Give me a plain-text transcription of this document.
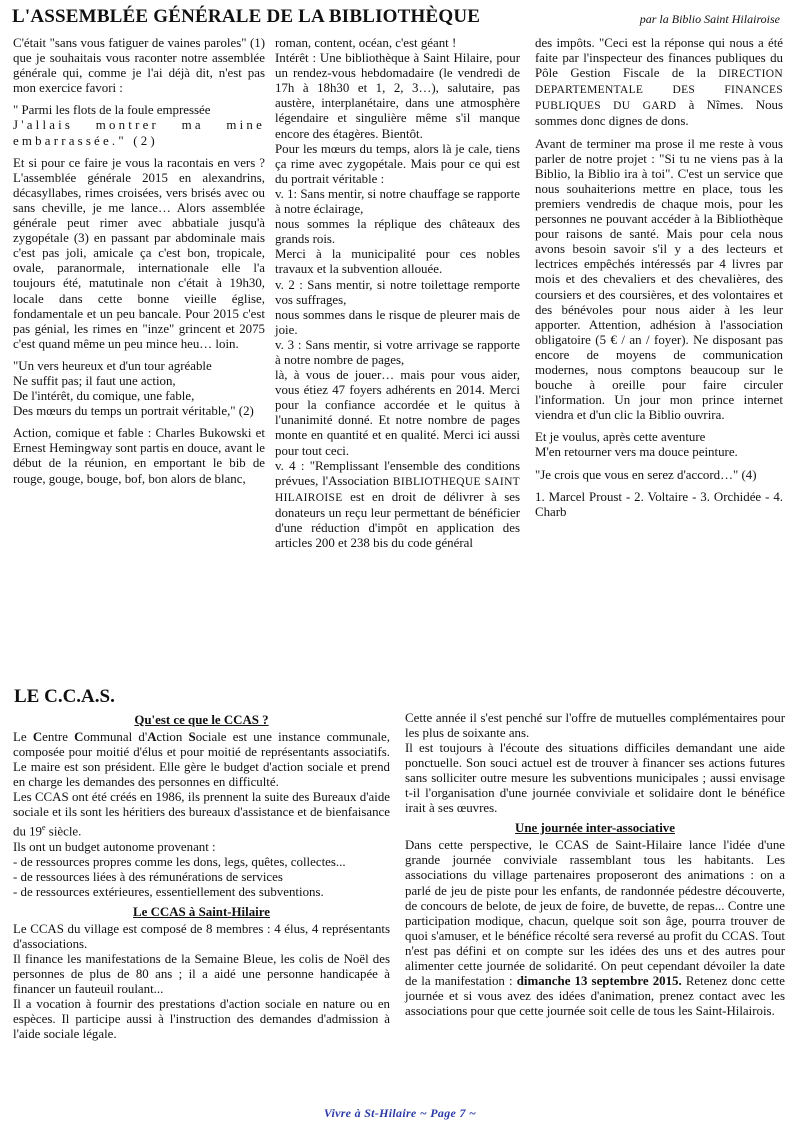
L'ASSEMBLÉE GÉNÉRALE DE LA BIBLIOTHÈQUE	par la Biblio Saint Hilairoise

C'était "sans vous fatiguer de vaines paroles" (1) que je souhaitais vous raconter notre assemblée générale qui, comme je l'ai déjà dit, n'est pas mon exercice favori :

" Parmi les flots de la foule empressée
J'allais montrer ma mine embarrassée." (2)

Et si pour ce faire je vous la racontais en vers ? L'assemblée générale 2015 en alexandrins, décasyllabes, rimes croisées, vers brisés avec ou sans cheville, je me lance… Alors assemblée générale peut rimer avec abbatiale jusqu'à zygopétale (3) en passant par abdominale mais c'est pas joli, amicale ça c'est bon, tropicale, ovale, paranormale, internationale elle l'a toujours été, matutinale non c'était à 19h30, locale dans cette bonne vieille église, fondamentale et un peu bancale. Pour 2015 c'est pas génial, les rimes en "inze" grincent et 2075 c'est quand même un peu mince heu… loin.

"Un vers heureux et d'un tour agréable
Ne suffit pas; il faut une action,
De l'intérêt, du comique, une fable,
Des mœurs du temps un portrait véritable," (2)

Action, comique et fable : Charles Bukowski et Ernest Hemingway sont partis en douce, avant le début de la réunion, en emportant le bib de rouge, gouge, bouge, bof, bon alors de blanc,

roman, content, océan, c'est géant !

Intérêt : Une bibliothèque à Saint Hilaire, pour un rendez-vous hebdomadaire (le vendredi de 17h à 18h30 et 1, 2, 3…), salutaire, pas austère, interplanétaire, dans une atmosphère légendaire et singulière même s'il manque encore des étagères. Bientôt.

Pour les mœurs du temps, alors là je cale, tiens ça rime avec zygopétale. Mais pour ce qui est du portrait véritable :

v. 1: Sans mentir, si notre chauffage se rapporte à notre éclairage,
nous sommes la réplique des châteaux des grands rois.
Merci à la municipalité pour ces nobles travaux et la subvention allouée.
v. 2 : Sans mentir, si notre toilettage remporte vos suffrages,
nous sommes dans le risque de pleurer mais de joie.
v. 3 : Sans mentir, si votre arrivage se rapporte à notre nombre de pages,
là, à vous de jouer… mais pour vous aider, vous étiez 47 foyers adhérents en 2014. Merci pour la confiance accordée et le quitus à l'unanimité donné. Et notre nombre de pages monte en quantité et en qualité. Merci ici aussi pour tout ceci.

v. 4 : "Remplissant l'ensemble des conditions prévues, l'Association BIBLIOTHEQUE SAINT HILAIROISE est en droit de délivrer à ses donateurs un reçu leur permettant de bénéficier d'une réduction d'impôt en application des articles 200 et 238 bis du code général

des impôts. "Ceci est la réponse qui nous a été faite par l'inspecteur des finances publiques du Pôle Gestion Fiscale de la DIRECTION DEPARTEMENTALE DES FINANCES PUBLIQUES DU GARD à Nîmes. Nous sommes donc dignes de dons.

Avant de terminer ma prose il me reste à vous parler de notre projet : "Si tu ne viens pas à la Biblio, la Biblio ira à toi". C'est un service que nous souhaiterions mettre en place, tous les premiers vendredis de chaque mois, pour les personnes ne pouvant accéder à la Bibliothèque pour raisons de santé. Mais pour cela nous avons besoin savoir s'il y a des lecteurs et lectrices empêchés intéressés par 4 livres par mois et des chevaliers et des chevalières, des coursiers et des coursières, et des volontaires et des bénévoles pour nous aider à les leur apporter. Attention, adhésion à l'association obligatoire (5 € / an / foyer). Ne disposant pas encore de moyens de communication modernes, nous comptons beaucoup sur le bouche à oreille pour faire circuler l'information. Un jour mon prince internet viendra et d'un clic la Biblio ouvrira.

Et je voulus, après cette aventure
M'en retourner vers ma douce peinture.

"Je crois que vous en serez d'accord…" (4)

1. Marcel Proust - 2. Voltaire - 3. Orchidée - 4. Charb

LE C.C.A.S.

Qu'est ce que le CCAS ?

Le Centre Communal d'Action Sociale est une instance communale, composée pour moitié d'élus et pour moitié de représentants associatifs. Le maire est son président. Elle gère le budget d'action sociale et prend en charge les demandes des personnes en difficulté.

Les CCAS ont été créés en 1986, ils prennent la suite des Bureaux d'aide sociale et ils sont les héritiers des bureaux d'assistance et de bienfaisance du 19e siècle.

Ils ont un budget autonome provenant :

- de ressources propres comme les dons, legs, quêtes, collectes...

- de ressources liées à des rémunérations de services

- de ressources extérieures, essentiellement des subventions.

Le CCAS à Saint-Hilaire

Le CCAS du village est composé de 8 membres : 4 élus, 4 représentants d'associations.

Il finance les manifestations de la Semaine Bleue, les colis de Noël des personnes de plus de 80 ans ; il a aidé une personne handicapée à financer un fauteuil roulant...

Il a vocation à fournir des prestations d'action sociale en nature ou en espèces. Il participe aussi à l'instruction des demandes d'admission à l'aide sociale légale.

Cette année il s'est penché sur l'offre de mutuelles complémentaires pour les plus de soixante ans.

Il est toujours à l'écoute des situations difficiles demandant une aide ponctuelle. Son souci actuel est de trouver à financer ses actions futures sans solliciter outre mesure les subventions municipales ; aussi envisage t-il l'organisation d'une journée conviviale et solidaire dont le bénéfice irait à ses œuvres.

Une journée inter-associative

Dans cette perspective, le CCAS de Saint-Hilaire lance l'idée d'une grande journée conviviale rassemblant tous les habitants. Les associations du village partenaires proposeront des animations : on a parlé de jeu de piste pour les enfants, de randonnée pédestre découverte, de concours de belote, de jeux de foire, de buvette, de repas... Contre une participation modique, chacun, quelque soit son âge, pourra trouver de quoi s'amuser, et le bénéfice récolté sera reversé au profit du CCAS. Tout n'est pas défini et on compte sur les idées des uns et des autres pour alimenter cette journée de solidarité. On peut cependant dévoiler la date de la manifestation : dimanche 13 septembre 2015. Retenez donc cette journée et si vous avez des idées d'animation, prenez contact avec les associations pour que cette journée soit celle de tous les Saint-Hilairois.

Vivre à St-Hilaire ~ Page 7 ~
